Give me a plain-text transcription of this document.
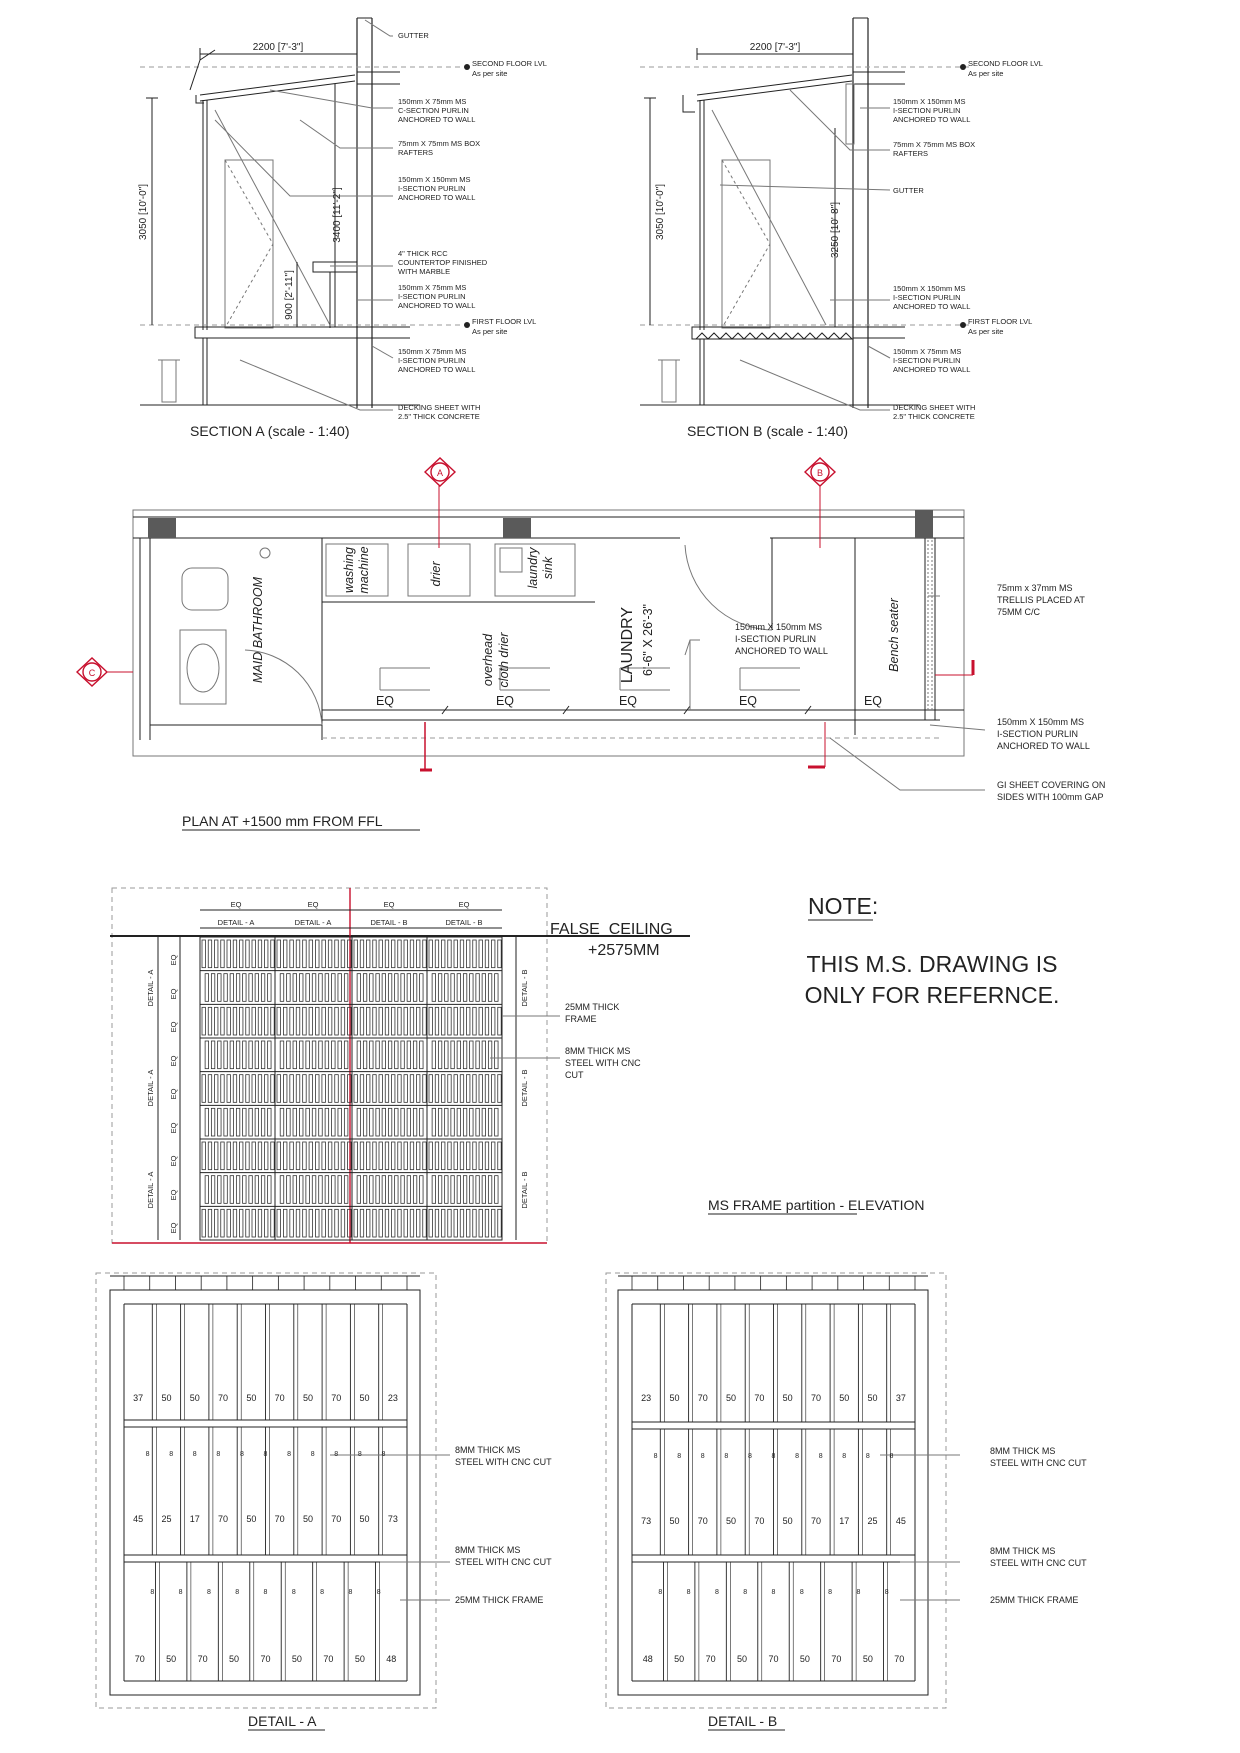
2200 [7'-3"]
3050 [10'-0"]	3400 [11'-2"]
900 [2'-11"]
GUTTER
SECOND FLOOR LVL
As per site
150mm X 75mm MS
C-SECTION PURLIN
ANCHORED TO WALL
75mm X 75mm MS BOX
RAFTERS
150mm X 150mm MS
I-SECTION PURLIN
ANCHORED TO WALL
4" THICK RCC
COUNTERTOP FINISHED
WITH MARBLE
150mm X 75mm MS
I-SECTION PURLIN
ANCHORED TO WALL
FIRST FLOOR LVL
As per site
150mm X 75mm MS
I-SECTION PURLIN
ANCHORED TO WALL
DECKING SHEET WITH
2.5" THICK CONCRETE
SECTION A (scale - 1:40)
2200 [7'-3"]
3050 [10'-0"]	3250 [10'-8"]
SECOND FLOOR LVL
As per site
150mm X 150mm MS
I-SECTION PURLIN
ANCHORED TO WALL
75mm X 75mm MS BOX
RAFTERS
GUTTER
150mm X 150mm MS
I-SECTION PURLIN
ANCHORED TO WALL
FIRST FLOOR LVL
As per site
150mm X 75mm MS
I-SECTION PURLIN
ANCHORED TO WALL
DECKING SHEET WITH
2.5" THICK CONCRETE
SECTION B (scale - 1:40)
A	B
C	MAID BATHROOM
washing machine	drier	laundry sink
overhead cloth drier	Bench seater
LAUNDRY 6'-6" X 26'-3"
EQ	EQ	EQ	EQ	EQ
150mm X 150mm MS
I-SECTION PURLIN
ANCHORED TO WALL
75mm x 37mm MS
TRELLIS PLACED AT
75MM C/C
150mm X 150mm MS
I-SECTION PURLIN
ANCHORED TO WALL
GI SHEET COVERING ON
SIDES WITH 100mm GAP
PLAN AT +1500 mm FROM FFL
FALSE_CEILING
+2575MM
EQ	EQ	EQ	EQ
DETAIL - A	DETAIL - A	DETAIL - B	DETAIL - B
EQ
EQ
EQ
EQ
EQ
EQ
EQ
EQ
EQ
DETAIL - A
DETAIL - A
DETAIL - A
DETAIL - B
DETAIL - B
DETAIL - B
25MM THICK
FRAME
8MM THICK MS
STEEL WITH CNC
CUT
MS FRAME partition - ELEVATION
NOTE:
THIS M.S. DRAWING IS
ONLY FOR REFERNCE.
8MM THICK MS
STEEL WITH CNC CUT
8MM THICK MS
STEEL WITH CNC CUT
25MM THICK FRAME
8MM THICK MS
STEEL WITH CNC CUT
8MM THICK MS
STEEL WITH CNC CUT
25MM THICK FRAME
DETAIL - A	DETAIL - B
37 50 50 70 50 70 50 70 50 23
45 25 17 70 50 70 50 70 50 73
8	8	8	8	8	8	8	8	8	8	8
70 50 70 50 70 50 70 50 48
8	8	8	8	8	8	8	8	8
23 50 70 50 70 50 70 50 50 37
73 50 70 50 70 50 70 17 25 45
8	8	8	8	8	8	8	8	8	8	8
48 50 70 50 70 50 70 50 70
8	8	8	8	8	8	8	8	8
